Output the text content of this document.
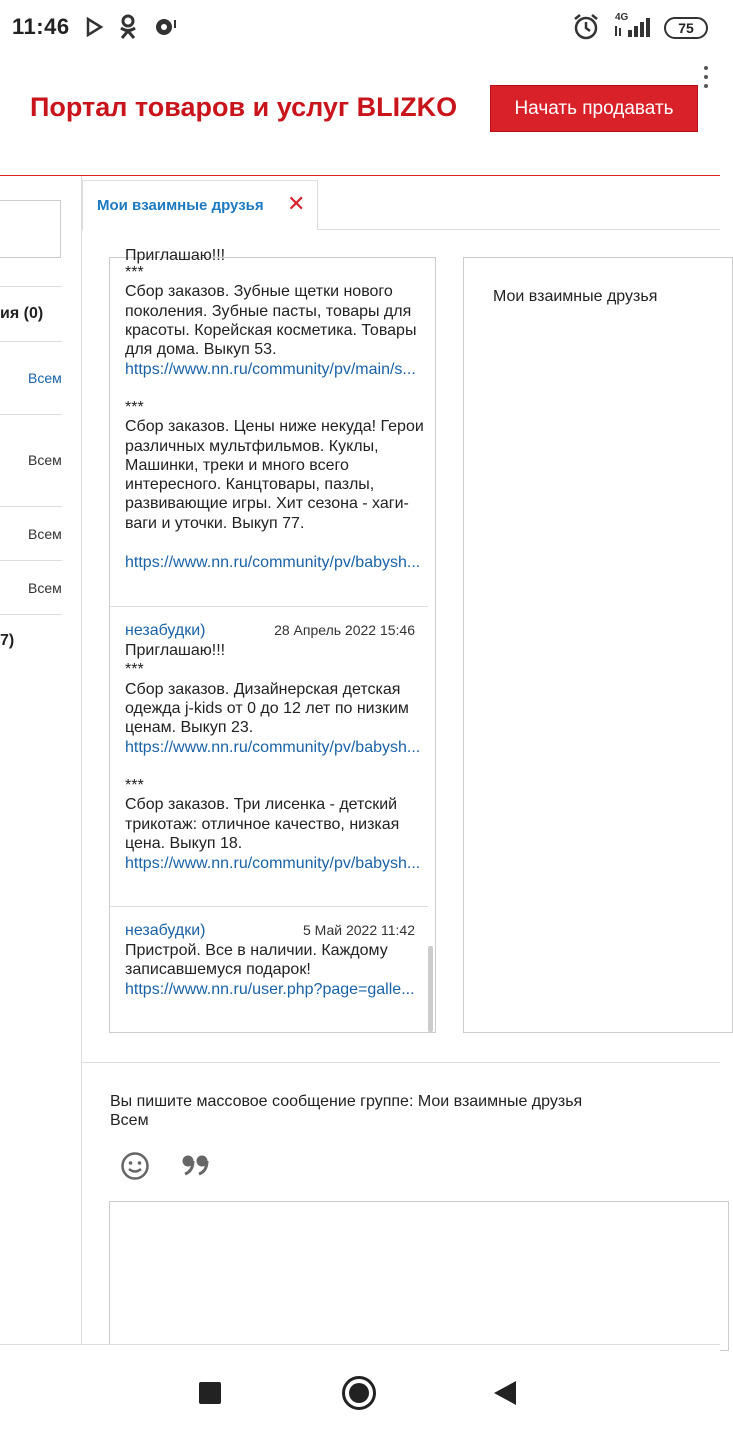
11:46	4G
75
Портал товаров и услуг BLIZKO	Начать продавать
ия (0)
Всем
Всем
Всем
Всем
7)
Мои взаимные друзья ✕
Приглашаю!!!
***
Сбор заказов. Зубные щетки нового поколения. Зубные пасты, товары для красоты. Корейская косметика. Товары для дома. Выкуп 53.
https://www.nn.ru/community/pv/main/s...
***
Сбор заказов. Цены ниже некуда! Герои различных мультфильмов. Куклы, Машинки, треки и много всего интересного. Канцтовары, пазлы, развивающие игры. Хит сезона - хаги-ваги и уточки. Выкуп 77.
https://www.nn.ru/community/pv/babysh...
незабудки)	28 Апрель 2022 15:46
Приглашаю!!!
***
Сбор заказов. Дизайнерская детская одежда j-kids от 0 до 12 лет по низким ценам. Выкуп 23.
https://www.nn.ru/community/pv/babysh...
***
Сбор заказов. Три лисенка - детский трикотаж: отличное качество, низкая цена. Выкуп 18.
https://www.nn.ru/community/pv/babysh...
незабудки)	5 Май 2022 11:42
Пристрой. Все в наличии. Каждому записавшемуся подарок!
https://www.nn.ru/user.php?page=galle...
Мои взаимные друзья
Вы пишите массовое сообщение группе: Мои взаимные друзья
Всем
